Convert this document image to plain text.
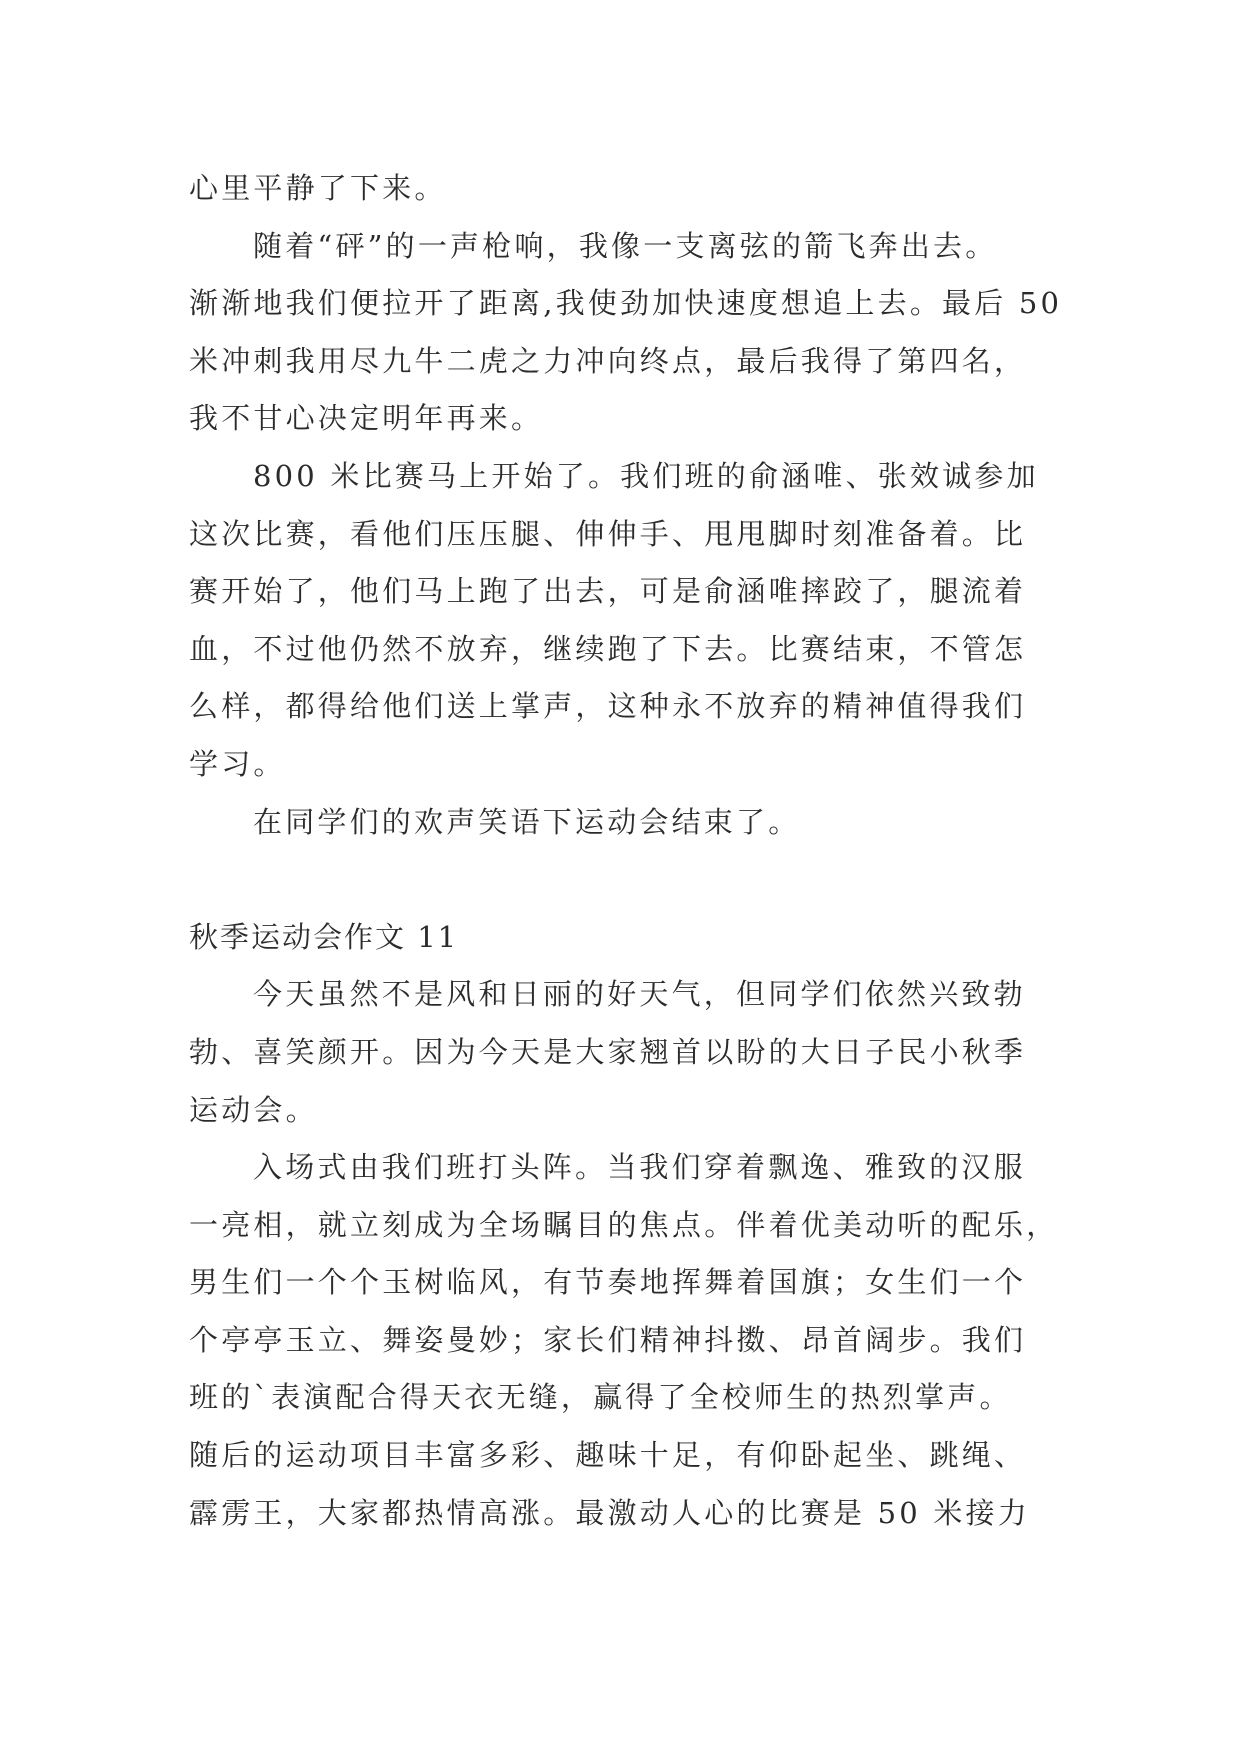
心里平静了下来。
随着“砰”的一声枪响，我像一支离弦的箭飞奔出去。
渐渐地我们便拉开了距离,我使劲加快速度想追上去。最后 50
米冲刺我用尽九牛二虎之力冲向终点，最后我得了第四名，
我不甘心决定明年再来。
800 米比赛马上开始了。我们班的俞涵唯、张效诚参加
这次比赛，看他们压压腿、伸伸手、甩甩脚时刻准备着。比
赛开始了，他们马上跑了出去，可是俞涵唯摔跤了，腿流着
血，不过他仍然不放弃，继续跑了下去。比赛结束，不管怎
么样，都得给他们送上掌声，这种永不放弃的精神值得我们
学习。
在同学们的欢声笑语下运动会结束了。
秋季运动会作文 11
今天虽然不是风和日丽的好天气，但同学们依然兴致勃
勃、喜笑颜开。因为今天是大家翘首以盼的大日子民小秋季
运动会。
入场式由我们班打头阵。当我们穿着飘逸、雅致的汉服
一亮相，就立刻成为全场瞩目的焦点。伴着优美动听的配乐，
男生们一个个玉树临风，有节奏地挥舞着国旗；女生们一个
个亭亭玉立、舞姿曼妙；家长们精神抖擞、昂首阔步。我们
班的`表演配合得天衣无缝，赢得了全校师生的热烈掌声。
随后的运动项目丰富多彩、趣味十足，有仰卧起坐、跳绳、
霹雳王，大家都热情高涨。最激动人心的比赛是 50 米接力
